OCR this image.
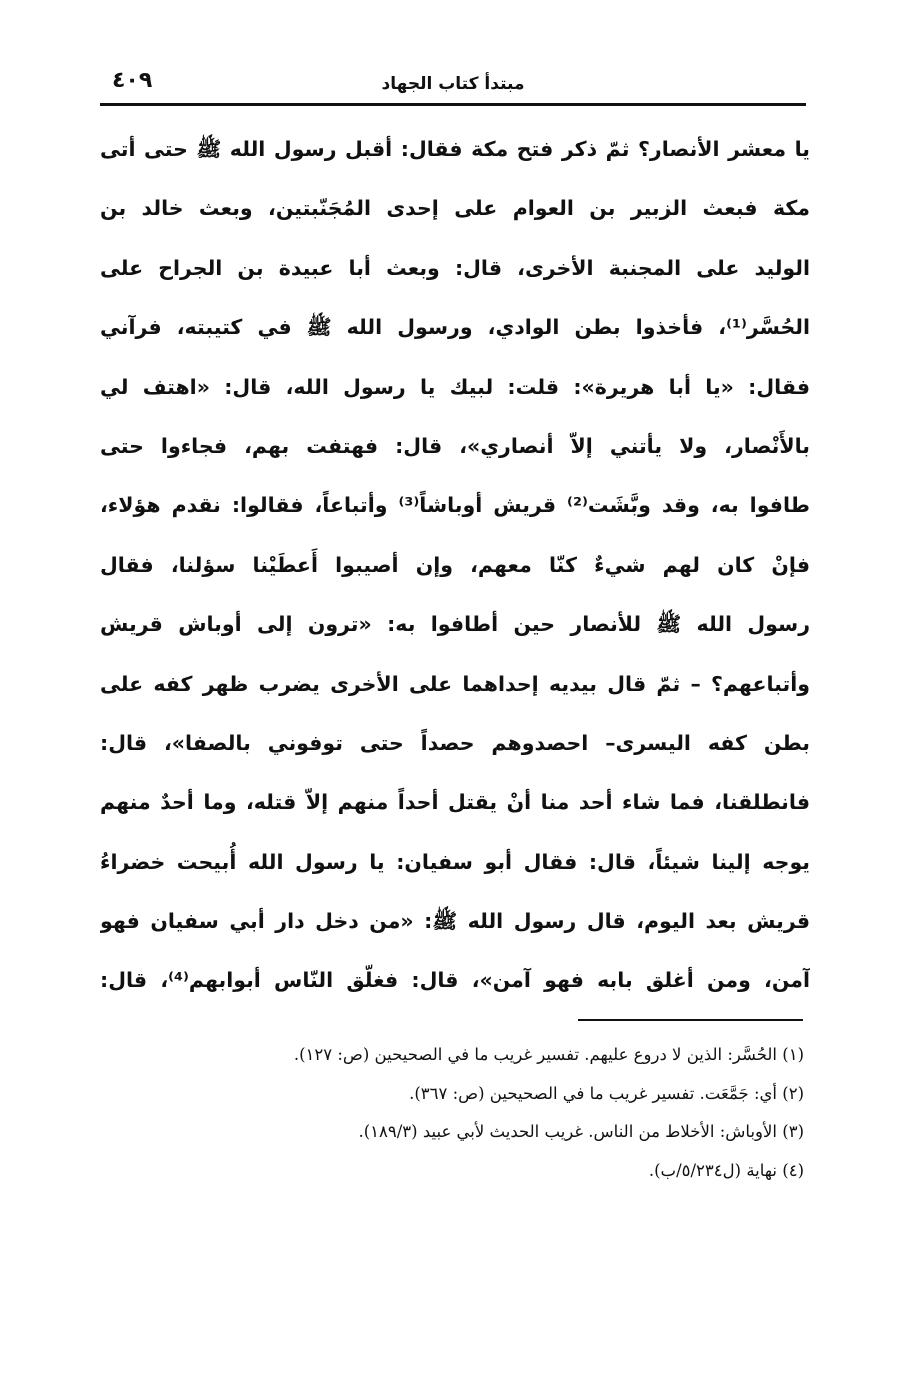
٤٠٩	مبتدأ كتاب الجهاد
يا معشر الأنصار؟ ثمّ ذكر فتح مكة فقال: أقبل رسول الله ﷺ حتى أتى
مكة فبعث الزبير بن العوام على إحدى المُجَنّبتين، وبعث خالد بن
الوليد على المجنبة الأخرى، قال: وبعث أبا عبيدة بن الجراح على
الحُسَّر⁽¹⁾، فأخذوا بطن الوادي، ورسول الله ﷺ في كتيبته، فرآني
فقال: «يا أبا هريرة»: قلت: لبيك يا رسول الله، قال: «اهتف لي
بالأَنْصار، ولا يأتني إلاّ أنصاري»، قال: فهتفت بهم، فجاءوا حتى
طافوا به، وقد وبَّشَت⁽²⁾ قريش أوباشاً⁽³⁾ وأتباعاً، فقالوا: نقدم هؤلاء،
فإنْ كان لهم شيءٌ كنّا معهم، وإن أصيبوا أَعطَيْنا سؤلنا، فقال
رسول الله ﷺ للأنصار حين أطافوا به: «ترون إلى أوباش قريش
وأتباعهم؟ – ثمّ قال بيديه إحداهما على الأخرى يضرب ظهر كفه على
بطن كفه اليسرى– احصدوهم حصداً حتى توفوني بالصفا»، قال:
فانطلقنا، فما شاء أحد منا أنْ يقتل أحداً منهم إلاّ قتله، وما أحدٌ منهم
يوجه إلينا شيئاً، قال: فقال أبو سفيان: يا رسول الله أُبيحت خضراءُ
قريش بعد اليوم، قال رسول الله ﷺ: «من دخل دار أبي سفيان فهو
آمن، ومن أغلق بابه فهو آمن»، قال: فغلّق النّاس أبوابهم⁽⁴⁾، قال:
(١) الحُسَّر: الذين لا دروع عليهم. تفسير غريب ما في الصحيحين (ص: ١٢٧).
(٢) أي: جَمَّعَت. تفسير غريب ما في الصحيحين (ص: ٣٦٧).
(٣) الأوباش: الأخلاط من الناس. غريب الحديث لأبي عبيد (١٨٩/٣).
(٤) نهاية (ل٥/٢٣٤/ب).
